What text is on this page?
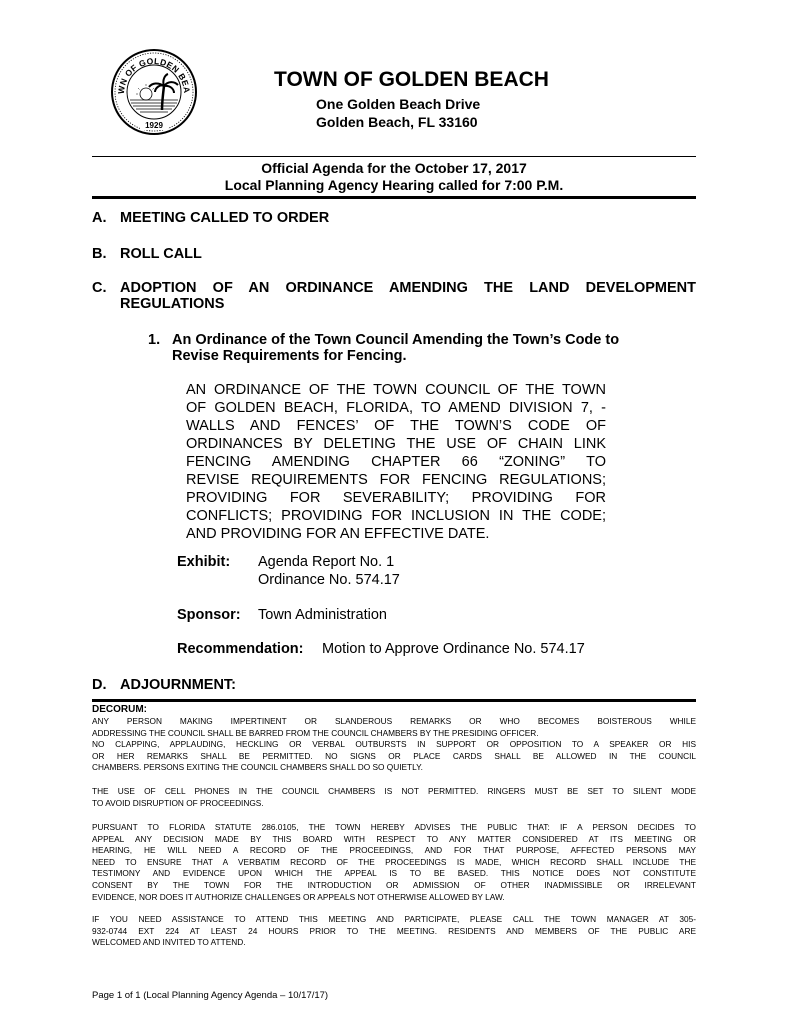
WN OF GOLDEN BEA
1929
TOWN OF GOLDEN BEACH
One Golden Beach Drive
Golden Beach, FL 33160
Official Agenda for the October 17, 2017
Local Planning Agency Hearing called for 7:00 P.M.
A. MEETING CALLED TO ORDER
B. ROLL CALL
C. ADOPTION OF AN ORDINANCE AMENDING THE LAND DEVELOPMENT
REGULATIONS
1. An Ordinance of the Town Council Amending the Town’s Code to
Revise Requirements for Fencing.
AN ORDINANCE OF THE TOWN COUNCIL OF THE TOWN
OF GOLDEN BEACH, FLORIDA, TO AMEND DIVISION 7, -
WALLS AND FENCES’ OF THE TOWN’S CODE OF
ORDINANCES BY DELETING THE USE OF CHAIN LINK
FENCING AMENDING CHAPTER 66 “ZONING” TO
REVISE REQUIREMENTS FOR FENCING REGULATIONS;
PROVIDING FOR SEVERABILITY; PROVIDING FOR
CONFLICTS; PROVIDING FOR INCLUSION IN THE CODE;
AND PROVIDING FOR AN EFFECTIVE DATE.
Exhibit: Agenda Report No. 1
Ordinance No. 574.17
Sponsor: Town Administration
Recommendation: Motion to Approve Ordinance No. 574.17
D. ADJOURNMENT:
DECORUM:
ANY PERSON MAKING IMPERTINENT OR SLANDEROUS REMARKS OR WHO BECOMES BOISTEROUS WHILE
ADDRESSING THE COUNCIL SHALL BE BARRED FROM THE COUNCIL CHAMBERS BY THE PRESIDING OFFICER.
NO CLAPPING, APPLAUDING, HECKLING OR VERBAL OUTBURSTS IN SUPPORT OR OPPOSITION TO A SPEAKER OR HIS
OR HER REMARKS SHALL BE PERMITTED. NO SIGNS OR PLACE CARDS SHALL BE ALLOWED IN THE COUNCIL
CHAMBERS. PERSONS EXITING THE COUNCIL CHAMBERS SHALL DO SO QUIETLY.
THE USE OF CELL PHONES IN THE COUNCIL CHAMBERS IS NOT PERMITTED. RINGERS MUST BE SET TO SILENT MODE
TO AVOID DISRUPTION OF PROCEEDINGS.
PURSUANT TO FLORIDA STATUTE 286.0105, THE TOWN HEREBY ADVISES THE PUBLIC THAT: IF A PERSON DECIDES TO
APPEAL ANY DECISION MADE BY THIS BOARD WITH RESPECT TO ANY MATTER CONSIDERED AT ITS MEETING OR
HEARING, HE WILL NEED A RECORD OF THE PROCEEDINGS, AND FOR THAT PURPOSE, AFFECTED PERSONS MAY
NEED TO ENSURE THAT A VERBATIM RECORD OF THE PROCEEDINGS IS MADE, WHICH RECORD SHALL INCLUDE THE
TESTIMONY AND EVIDENCE UPON WHICH THE APPEAL IS TO BE BASED. THIS NOTICE DOES NOT CONSTITUTE
CONSENT BY THE TOWN FOR THE INTRODUCTION OR ADMISSION OF OTHER INADMISSIBLE OR IRRELEVANT
EVIDENCE, NOR DOES IT AUTHORIZE CHALLENGES OR APPEALS NOT OTHERWISE ALLOWED BY LAW.
IF YOU NEED ASSISTANCE TO ATTEND THIS MEETING AND PARTICIPATE, PLEASE CALL THE TOWN MANAGER AT 305-
932-0744 EXT 224 AT LEAST 24 HOURS PRIOR TO THE MEETING. RESIDENTS AND MEMBERS OF THE PUBLIC ARE
WELCOMED AND INVITED TO ATTEND.
Page 1 of 1 (Local Planning Agency Agenda – 10/17/17)
